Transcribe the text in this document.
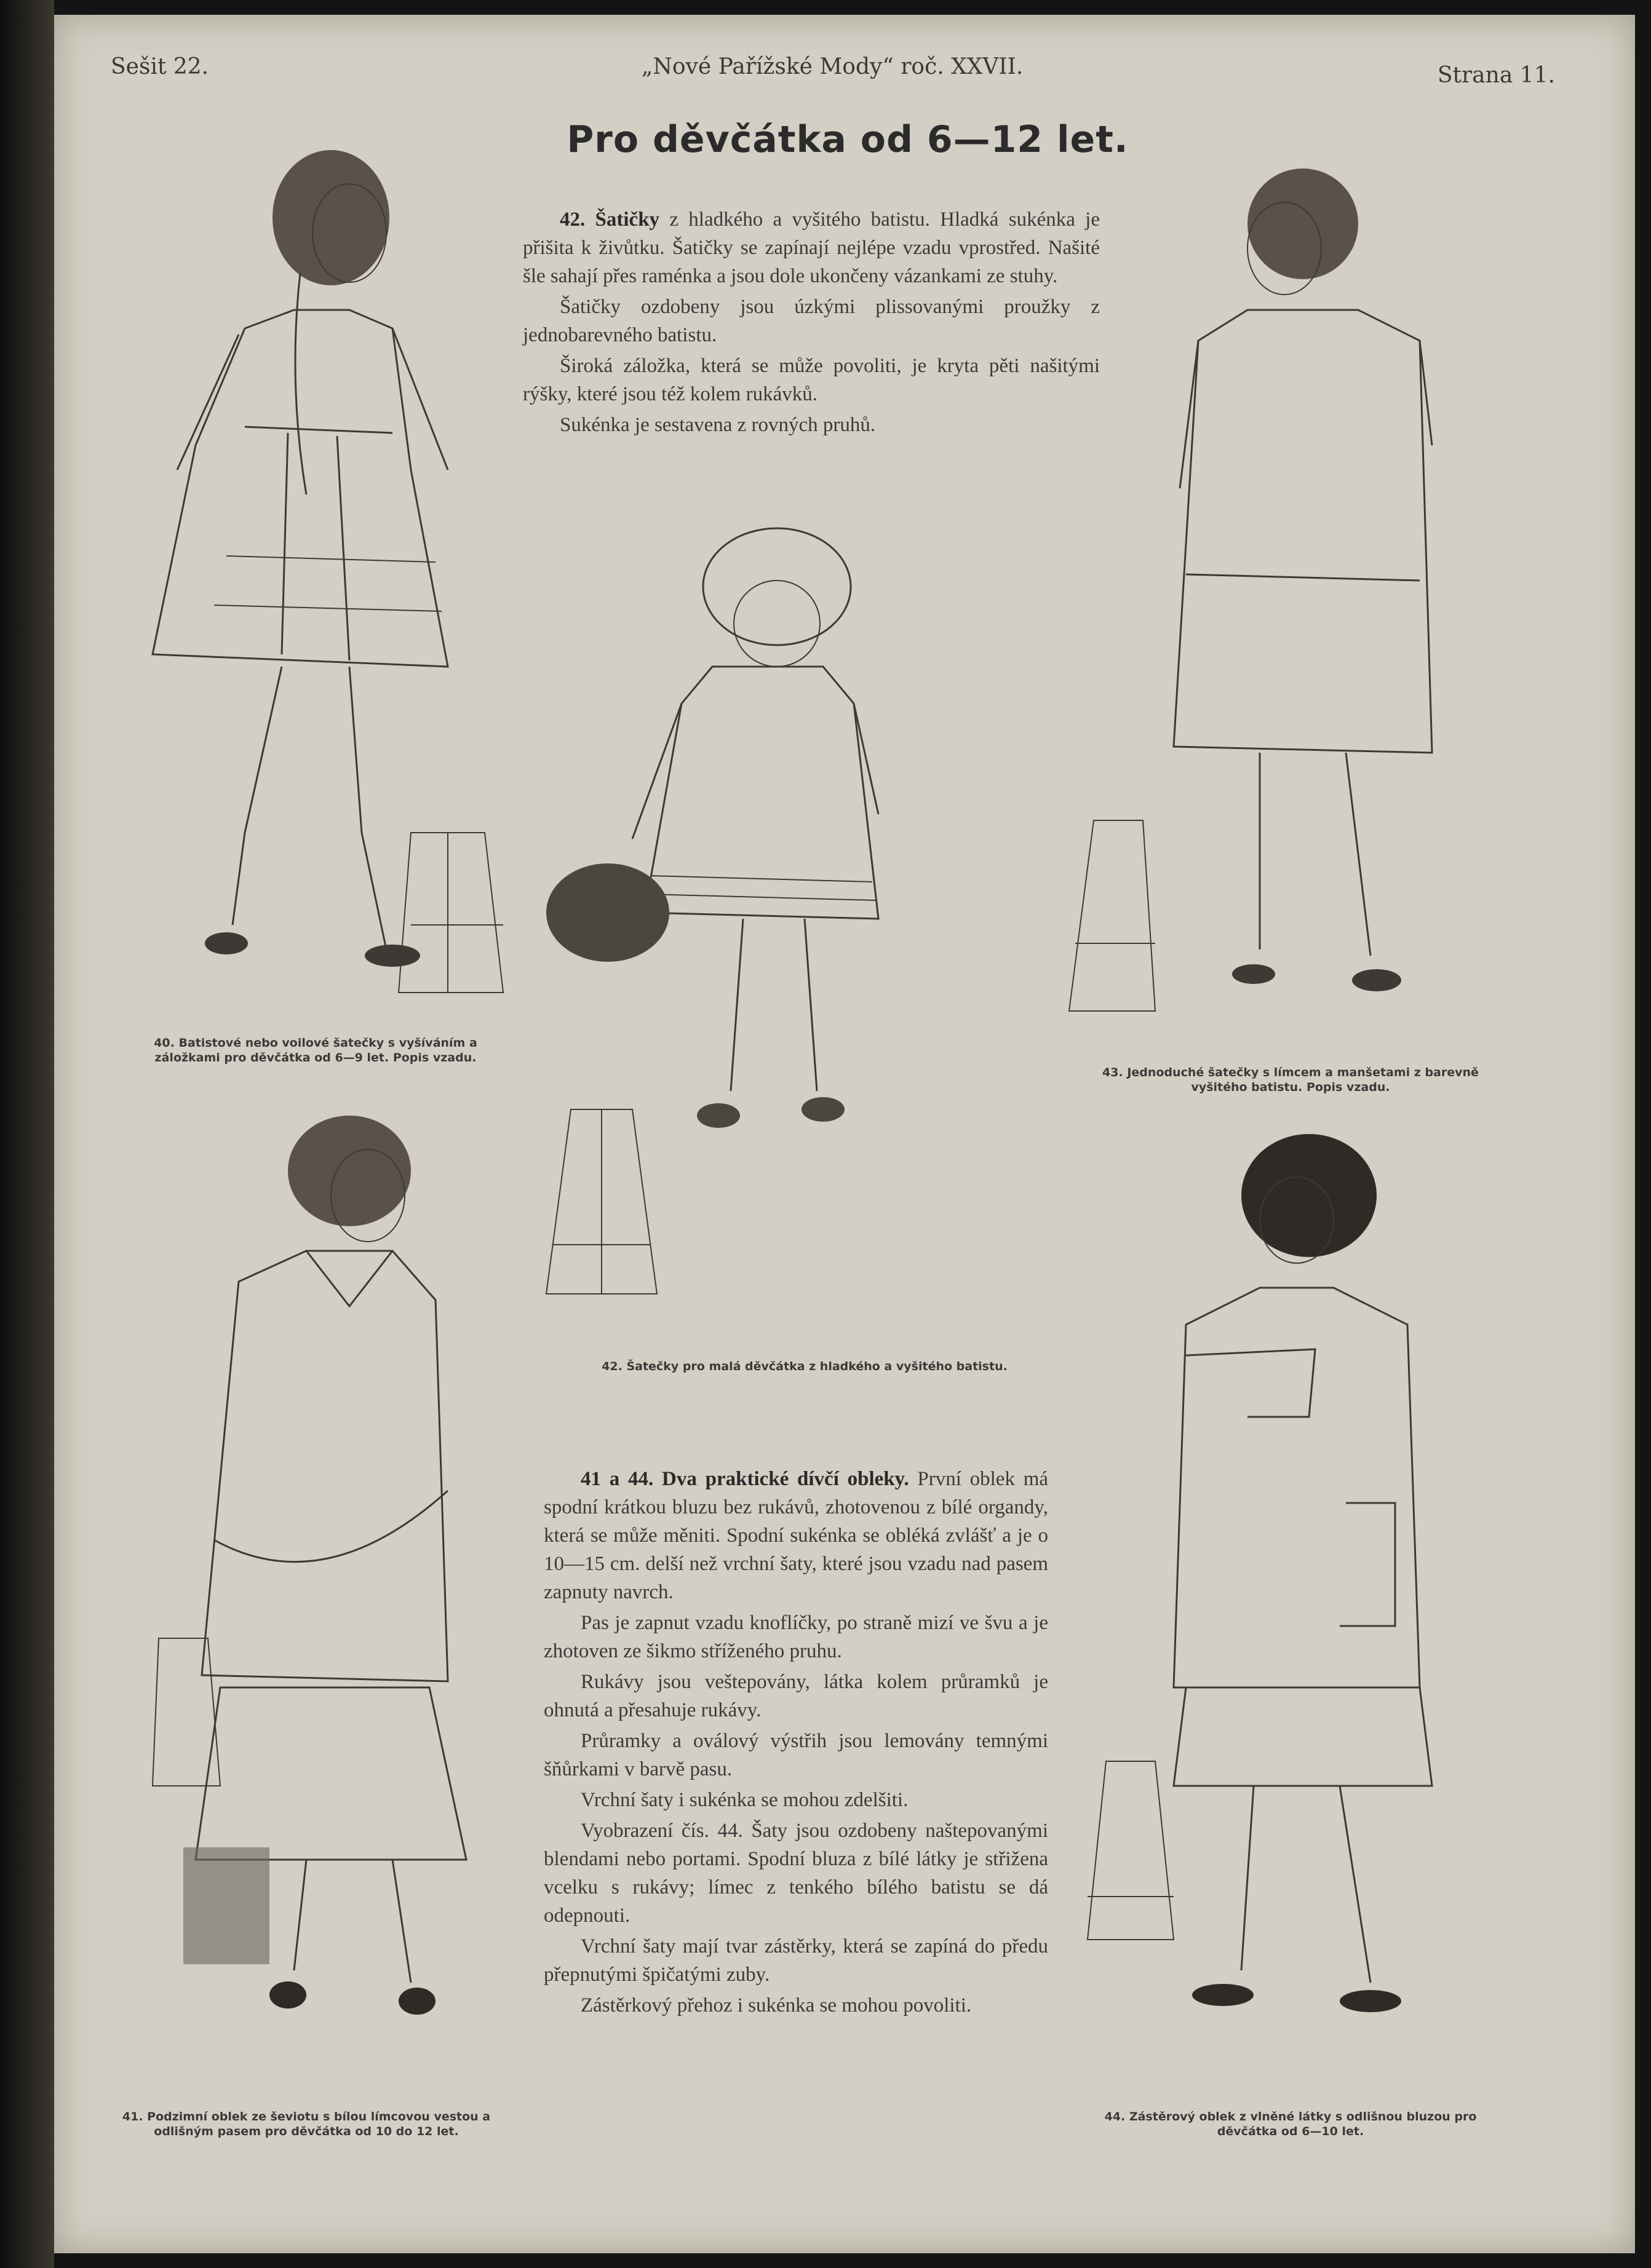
Sešit 22.	„Nové Pařížské Mody“ roč. XXVII.	Strana 11.
Pro děvčátka od 6—12 let.

42. Šatičky z hladkého a vyšitého batistu. Hladká sukénka je přišita k živůtku. Šatičky se zapínají nejlépe vzadu vprostřed. Našité šle sahají přes raménka a jsou dole ukončeny vázankami ze stuhy.

Šatičky ozdobeny jsou úzkými plissovanými proužky z jednobarevného batistu.

Široká záložka, která se může povoliti, je kryta pěti našitými rýšky, které jsou též kolem rukávků.

Sukénka je sestavena z rovných pruhů.

41 a 44. Dva praktické dívčí obleky. První oblek má spodní krátkou bluzu bez rukávů, zhotovenou z bílé organdy, která se může měniti. Spodní sukénka se obléká zvlášť a je o 10—15 cm. delší než vrchní šaty, které jsou vzadu nad pasem zapnuty navrch.

Pas je zapnut vzadu knoflíčky, po straně mizí ve švu a je zhotoven ze šikmo stříženého pruhu.

Rukávy jsou veštepovány, látka kolem průramků je ohnutá a přesahuje rukávy.

Průramky a oválový výstřih jsou lemovány temnými šňůrkami v barvě pasu.

Vrchní šaty i sukénka se mohou zdelšiti.

Vyobrazení čís. 44. Šaty jsou ozdobeny naštepovanými blendami nebo portami. Spodní bluza z bílé látky je střižena vcelku s rukávy; límec z tenkého bílého batistu se dá odepnouti.

Vrchní šaty mají tvar zástěrky, která se zapíná do předu přepnutými špičatými zuby.

Zástěrkový přehoz i sukénka se mohou povoliti.

40. Batistové nebo voilové šatečky s vyšíváním a záložkami pro děvčátka od 6—9 let. Popis vzadu.
42. Šatečky pro malá děvčátka z hladkého a vyšitého batistu.
43. Jednoduché šatečky s límcem a manšetami z barevně vyšitého batistu. Popis vzadu.
41. Podzimní oblek ze ševiotu s bílou límcovou vestou a odlišným pasem pro děvčátka od 10 do 12 let.
44. Zástěrový oblek z vlněné látky s odlišnou bluzou pro děvčátka od 6—10 let.
